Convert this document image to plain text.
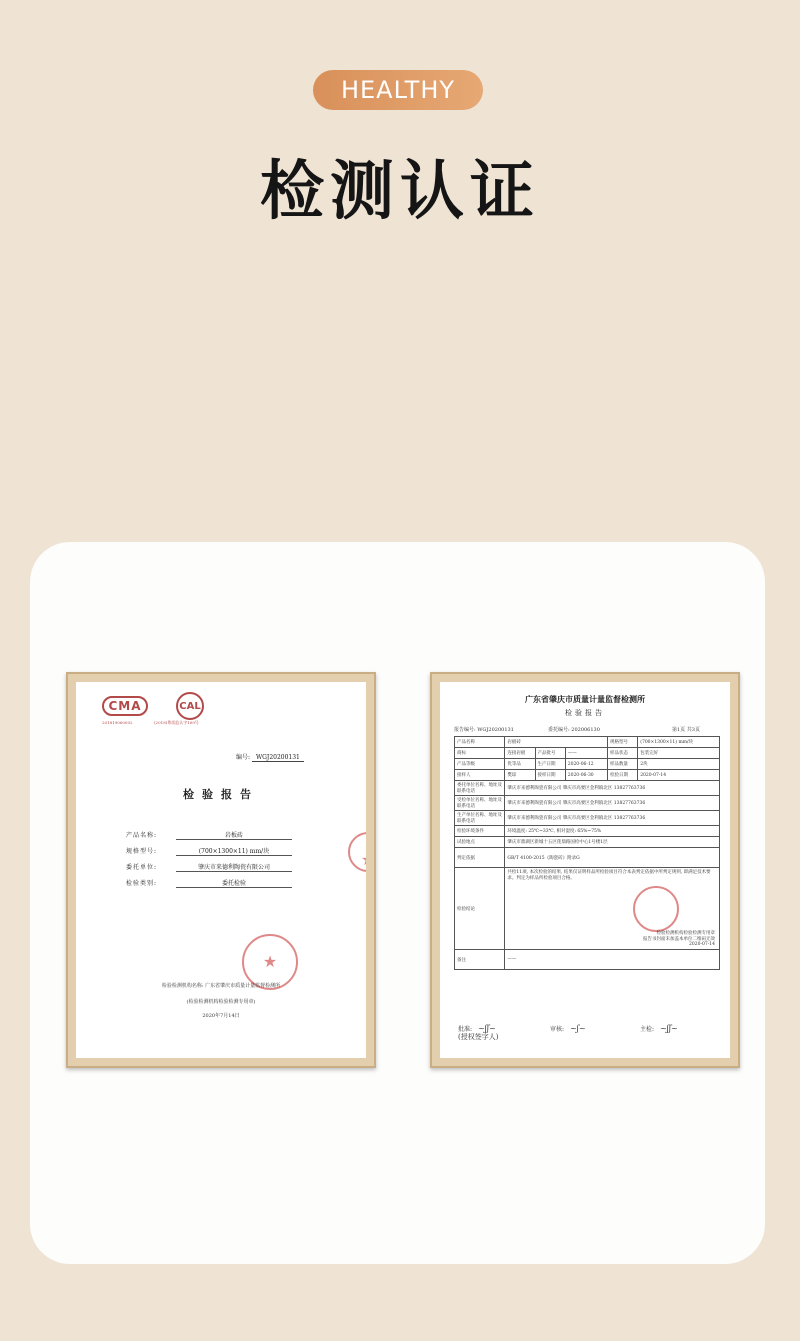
HEALTHY
检测认证
CMA
201819060002
CAL
(2018)粤质监认字169号
编号: WGJ20200131
检验报告
产品名称:	岩板砖
规格型号:	(700×1300×11) mm/块
委托单位:	肇庆市来德利陶瓷有限公司
检验类别:	委托检验
★
★
检验检测机构名称: 广东省肇庆市质量计量监督检测所
(检验检测机构检验检测专用章)
2020年7月14日
广东省肇庆市质量计量监督检测所
检验报告
报告编号: WGJ20200131	委托编号: 202006130	第1页 共3页
产品名称	岩板砖			规格型号	(700×1300×11) mm/块
商标	连接岩板	产品批号	——	样品状态	包装完好
产品等级	优等品	生产日期	2020-06-12	样品数量	2块
接样人	樊琼	接样日期	2020-06-30	检验日期	2020-07-14
委托单位名称、地址及联系电话	肇庆市来德利陶瓷有限公司 肇庆市高要区金利镇北区 13827763736				
受检单位名称、地址及联系电话	肇庆市来德利陶瓷有限公司 肇庆市高要区金利镇北区 13827763736				
生产单位名称、地址及联系电话	肇庆市来德利陶瓷有限公司 肇庆市高要区金利镇北区 13827763736				
检验环境条件	环境温度: 25℃~33℃, 相对湿度: 65%~75%				
试验地点	肇庆市鼎湖区新城十五区莲鼎路国检中心1号楼1层				
判定依据	GB/T 4100-2015《陶瓷砖》附录G				
检验结论	共检11项, 本次检验的结果, 结果仅证明样品所检验项目符合本表判定依据中所判定规则, 即满足技术要求。判定为样品所检验项目合格。
检验检测机构检验检测专用章
报告书封面未加盖本单位二维码无效
2020-07-14				

备注	——				
批准: ~ʃʃ~
(授权签字人)
审核: ~ʃ~	主检: ~ʃʃ~
